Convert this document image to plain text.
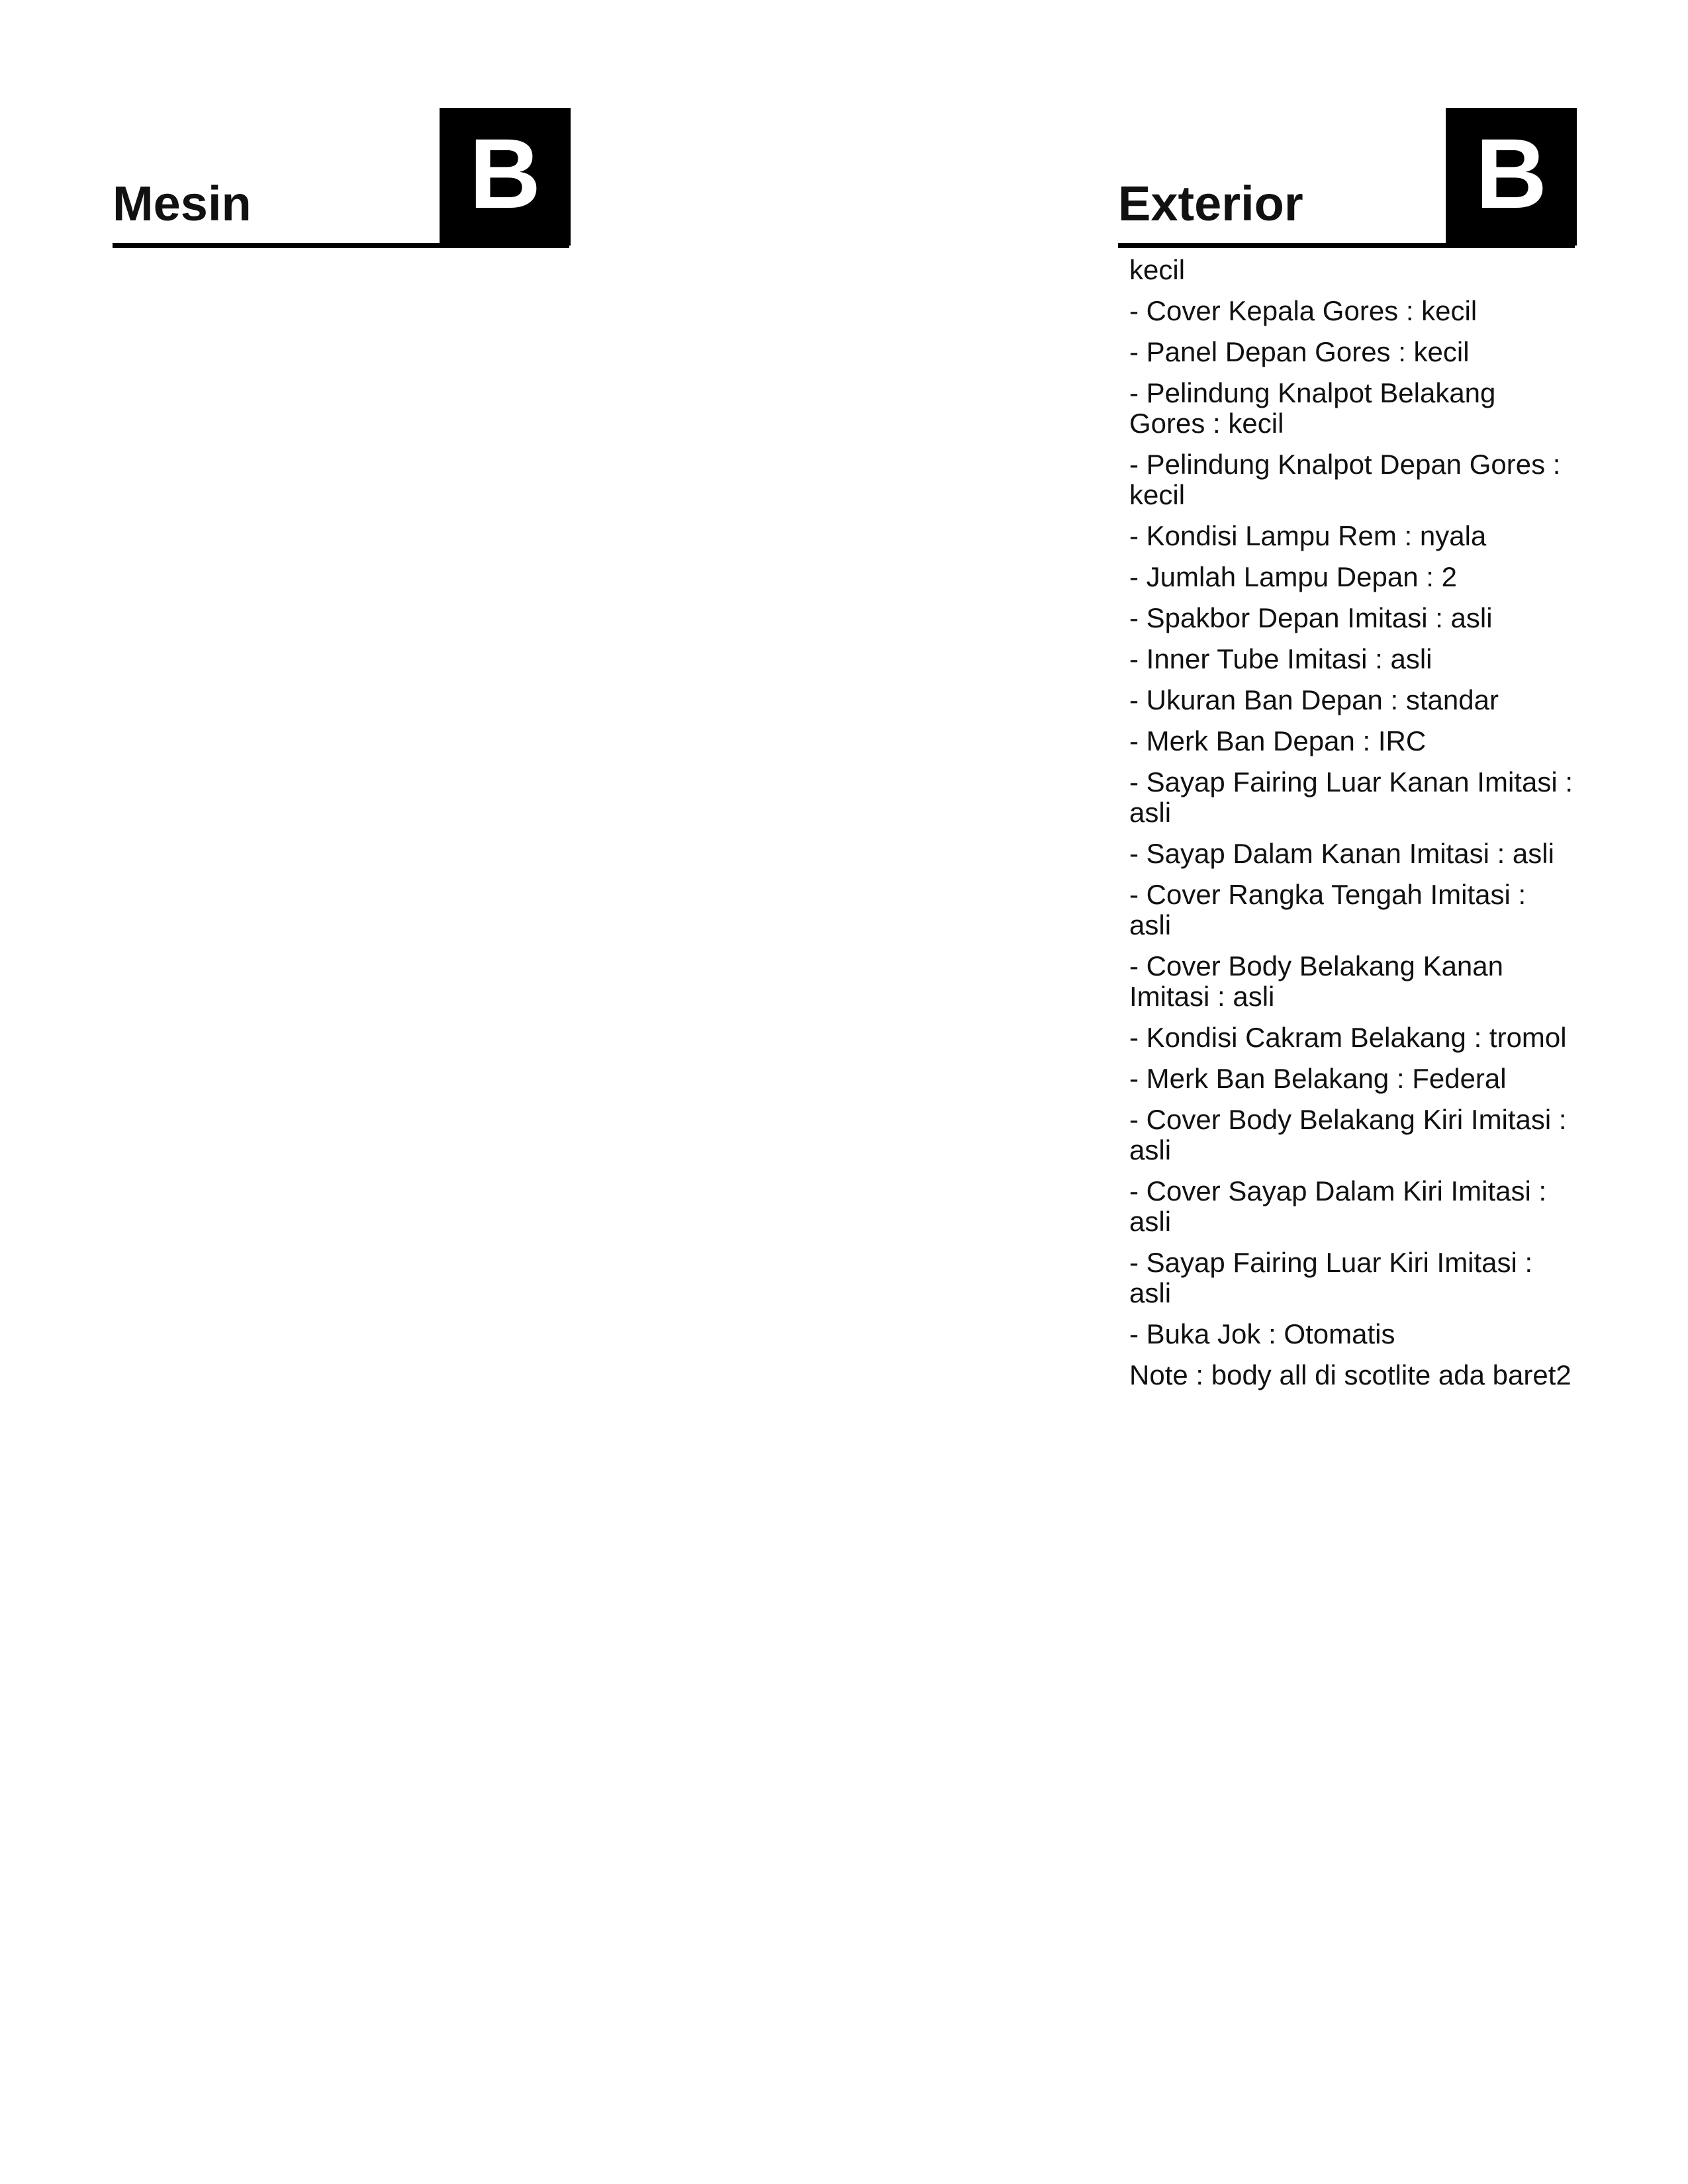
Mesin B	Exterior B
kecil
- Cover Kepala Gores : kecil
- Panel Depan Gores : kecil
- Pelindung Knalpot Belakang Gores : kecil
- Pelindung Knalpot Depan Gores : kecil
- Kondisi Lampu Rem : nyala
- Jumlah Lampu Depan : 2
- Spakbor Depan Imitasi : asli
- Inner Tube Imitasi : asli
- Ukuran Ban Depan : standar
- Merk Ban Depan : IRC
- Sayap Fairing Luar Kanan Imitasi : asli
- Sayap Dalam Kanan Imitasi : asli
- Cover Rangka Tengah Imitasi : asli
- Cover Body Belakang Kanan Imitasi : asli
- Kondisi Cakram Belakang : tromol
- Merk Ban Belakang : Federal
- Cover Body Belakang Kiri Imitasi : asli
- Cover Sayap Dalam Kiri Imitasi : asli
- Sayap Fairing Luar Kiri Imitasi : asli
- Buka Jok : Otomatis
Note : body all di scotlite ada baret2
